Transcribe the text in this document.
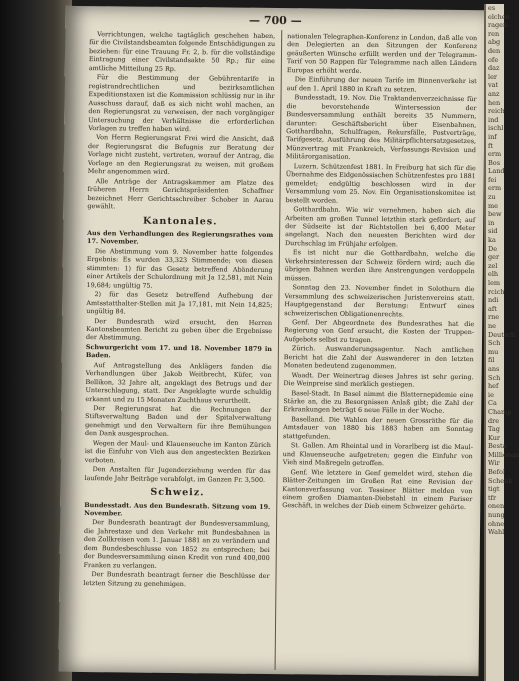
— 700 —

Verrichtungen, welche tagtäglich geschehen haben, für die Civilstandsbeamten folgende Entschädigungen zu beziehen: für eine Trauung Fr. 2, b. für die vollständige Eintragung einer Civilstandsakte 50 Rp.; für eine amtliche Mitteilung 25 Rp.

Für die Bestimmung der Gebührentarife in registrandrechtlichen und bezirksamtlichen Expeditionstaxen ist die Kommission schlüssig nur in ihr Ausschuss darauf, daß es sich nicht wohl machen, an den Regierungsrat zu verweisen, der nach vorgängiger Untersuchung der Verhältnisse die erforderlichen Vorlagen zu treffen haben wird.

Von Herrn Regierungsrat Frei wird die Ansicht, daß der Regierungsrat die Befugnis zur Beratung der Vorlage nicht zusteht, vertreten, worauf der Antrag, die Vorlage an den Regierungsrat zu weisen, mit großem Mehr angenommen wird.

Alle Anträge der Antragskammer am Platze des früheren Herrn Gerichtspräsidenten Schaffner bezeichnet Herr Gerichtsschreiber Schober in Aarau gewählt.

Kantonales.

Aus den Verhandlungen des Regierungsrathes vom 17. November.

Die Abstimmung vom 9. November hatte folgendes Ergebnis: Es wurden 33,323 Stimmende; von diesen stimmten: 1) für das Gesetz betreffend Abänderung einer Artikels der Schulordnung mit Ja 12,581, mit Nein 19,684; ungültig 75.

2) für das Gesetz betreffend Aufhebung der Amtsstatthalter-Stellen mit Ja 17,181, mit Nein 14,825; ungültig 84.

Der Bundesrath wird ersucht, den Herren Kantonsbeamten Bericht zu geben über die Ergebnisse der Abstimmung.

Schwurgericht vom 17. und 18. November 1879 in Baden.

Auf Antragstellung des Anklägers fanden die Verhandlungen über Jakob Weitbrecht, Küfer, von Bellikon, 32 Jahre alt, angeklagt des Betrugs und der Unterschlagung, statt. Der Angeklagte wurde schuldig erkannt und zu 15 Monaten Zuchthaus verurtheilt.

Der Regierungsrat hat die Rechnungen der Stiftsverwaltung Baden und der Spitalverwaltung genehmigt und den Verwaltern für ihre Bemühungen den Dank ausgesprochen.

Wegen der Maul- und Klauenseuche im Kanton Zürich ist die Einfuhr von Vieh aus den angesteckten Bezirken verboten.

Den Anstalten für Jugenderziehung werden für das laufende Jahr Beiträge verabfolgt, im Ganzen Fr. 3,500.

Schweiz.

Bundesstadt. Aus den Bundesrath. Sitzung vom 19. November.

Der Bundesrath beantragt der Bundesversammlung, die Jahrestaxe und den Verkehr mit Bundesbahnen in den Zollkreisen vom 1. Januar 1881 an zu verändern und dem Bundesbeschlusse von 1852 zu entsprechen; bei der Bundesversammlung einen Kredit von rund 400,000 Franken zu verlangen.

Der Bundesrath beantragt ferner die Beschlüsse der letzten Sitzung zu genehmigen.

nationalen Telegraphen-Konferenz in London, daß alle von den Delegierten an den Sitzungen der Konferenz geäußerten Wünsche erfüllt werden und der Telegramm-Tarif von 50 Rappen für Telegramme nach allen Ländern Europas erhöht werde.

Die Einführung der neuen Tarife im Binnenverkehr ist auf den 1. April 1880 in Kraft zu setzen.

Bundesstadt, 19. Nov. Die Traktandenverzeichnisse für die bevorstehende Wintersession der Bundesversammlung enthält bereits 35 Nummern, darunter: Geschäftsbericht über Eisenbahnen, Gotthardbahn, Schulfragen, Rekursfälle, Postverträge, Tarifgesetz, Ausführung des Militärpflichtersatzgesetzes, Münzvertrag mit Frankreich, Verfassungs-Revision und Militärorganisation.

Luzern. Schützenfest 1881. In Freiburg hat sich für die Übernahme des Eidgenössischen Schützenfestes pro 1881 gemeldet; endgültig beschlossen wird in der Versammlung vom 25. Nov. Ein Organisationskomitee ist bestellt worden.

Gotthardbahn. Wie wir vernehmen, haben sich die Arbeiten am großen Tunnel letzthin stark gefördert; auf der Südseite ist der Richtstollen bei 6,400 Meter angelangt. Nach den neuesten Berichten wird der Durchschlag im Frühjahr erfolgen.

Es ist nicht nur die Gotthardbahn, welche die Verkehrsinteressen der Schweiz fördern wird; auch die übrigen Bahnen werden ihre Anstrengungen verdoppeln müssen.

Sonntag den 23. November findet in Solothurn die Versammlung des schweizerischen Juristenvereins statt. Hauptgegenstand der Beratung: Entwurf eines schweizerischen Obligationenrechts.

Genf. Der Abgeordnete des Bundesrathes hat die Regierung von Genf ersucht, die Kosten der Truppen-Aufgebots selbst zu tragen.

Zürich. Auswanderungsagentur. Nach amtlichen Bericht hat die Zahl der Auswanderer in den letzten Monaten bedeutend zugenommen.

Waadt. Der Weinertrag dieses Jahres ist sehr gering. Die Weinpreise sind merklich gestiegen.

Basel-Stadt. In Basel nimmt die Blatternepidemie eine Stärke an, die zu Besorgnissen Anlaß gibt; die Zahl der Erkrankungen beträgt 6 neue Fälle in der Woche.

Baselland. Die Wahlen der neuen Grossräthe für die Amtsdauer von 1880 bis 1883 haben am Sonntag stattgefunden.

St. Gallen. Am Rheintal und in Vorarlberg ist die Maul- und Klauenseuche aufgetreten; gegen die Einfuhr von Vieh sind Maßregeln getroffen.

Genf. Wie letztere in Genf gemeldet wird, stehen die Blätter-Zeitungen im Großen Rat eine Revision der Kantonsverfassung vor. Tessiner Blätter melden von einem großen Diamanten-Diebstahl in einem Pariser Geschäft, in welches der Dieb einem Schweizer gehörte.

es
elchen
ragen
ren
abg
den
ofe
daz
ler
vat
anz
hen
reich
ind
ischl
inf
ft
erm
Bos
Land
fei
erm
zu
me
bew
in
sid
ka
De
ger
zel
elh
lem
rcich
ndi
aft
rne
ne
Deutsch
Sch
mu
fil
ans
Sch
hef
ie
Ca
Champ
dre
Tag
Kur
Besta
Millionen
Wir
Befol
Schenk
tigt
tfr
onen
nung
ohne
Wahl
